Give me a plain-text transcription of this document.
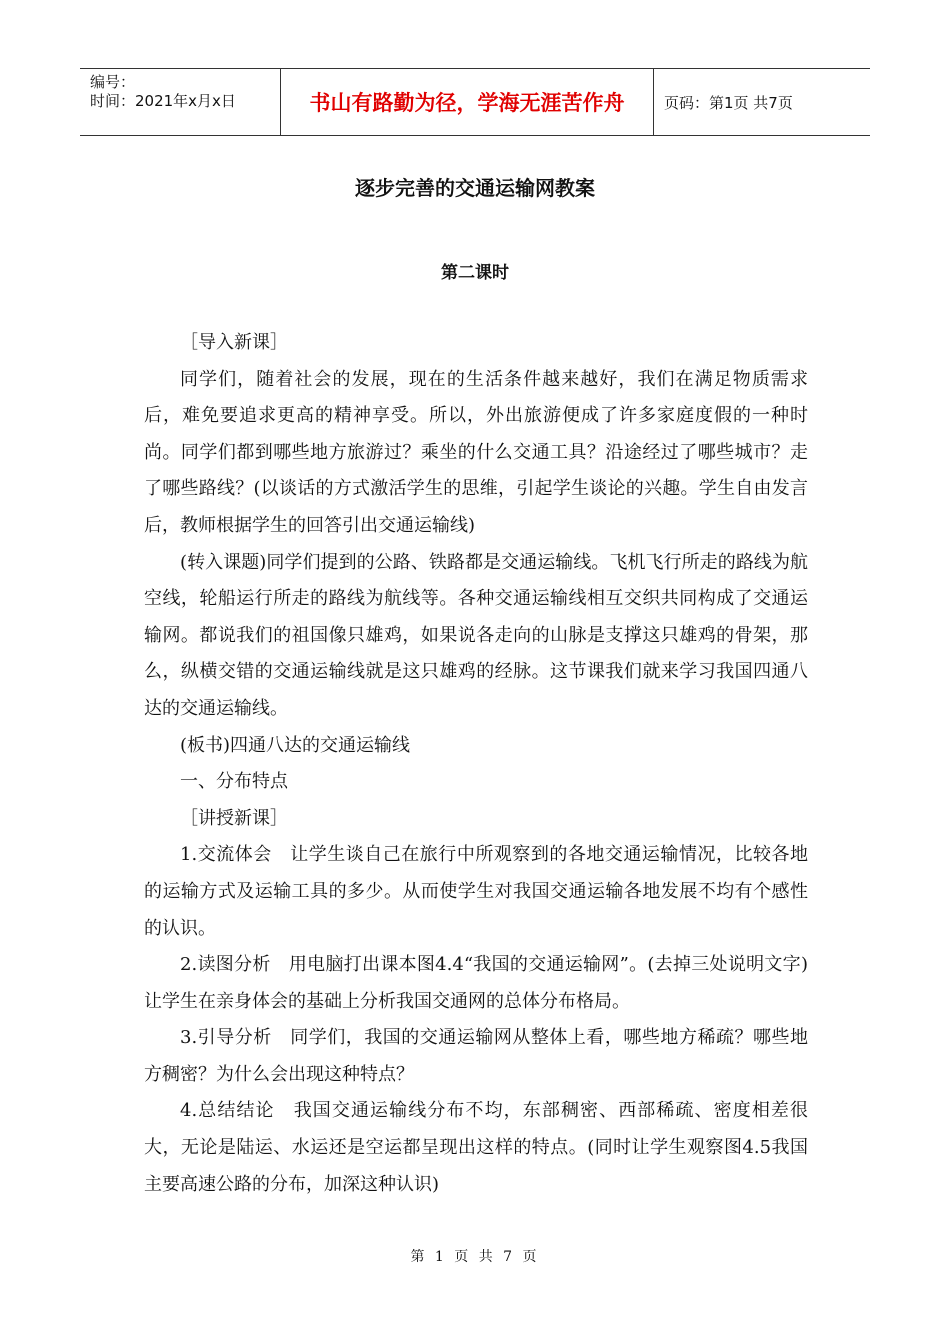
编号：
时间：2021年x月x日	书山有路勤为径，学海无涯苦作舟	页码：第1页 共7页
逐步完善的交通运输网教案
第二课时

［导入新课］

同学们，随着社会的发展，现在的生活条件越来越好，我们在满足物质需求后，难免要追求更高的精神享受。所以，外出旅游便成了许多家庭度假的一种时尚。同学们都到哪些地方旅游过？乘坐的什么交通工具？沿途经过了哪些城市？走了哪些路线？(以谈话的方式激活学生的思维，引起学生谈论的兴趣。学生自由发言后，教师根据学生的回答引出交通运输线)

(转入课题)同学们提到的公路、铁路都是交通运输线。飞机飞行所走的路线为航空线，轮船运行所走的路线为航线等。各种交通运输线相互交织共同构成了交通运输网。都说我们的祖国像只雄鸡，如果说各走向的山脉是支撑这只雄鸡的骨架，那么，纵横交错的交通运输线就是这只雄鸡的经脉。这节课我们就来学习我国四通八达的交通运输线。

(板书)四通八达的交通运输线

一、分布特点

［讲授新课］

1.交流体会　让学生谈自己在旅行中所观察到的各地交通运输情况，比较各地的运输方式及运输工具的多少。从而使学生对我国交通运输各地发展不均有个感性的认识。

2.读图分析　用电脑打出课本图4.4“我国的交通运输网”。(去掉三处说明文字)让学生在亲身体会的基础上分析我国交通网的总体分布格局。

3.引导分析　同学们，我国的交通运输网从整体上看，哪些地方稀疏？哪些地方稠密？为什么会出现这种特点？

4.总结结论　我国交通运输线分布不均，东部稠密、西部稀疏、密度相差很大，无论是陆运、水运还是空运都呈现出这样的特点。(同时让学生观察图4.5我国主要高速公路的分布，加深这种认识)

第 1 页 共 7 页
